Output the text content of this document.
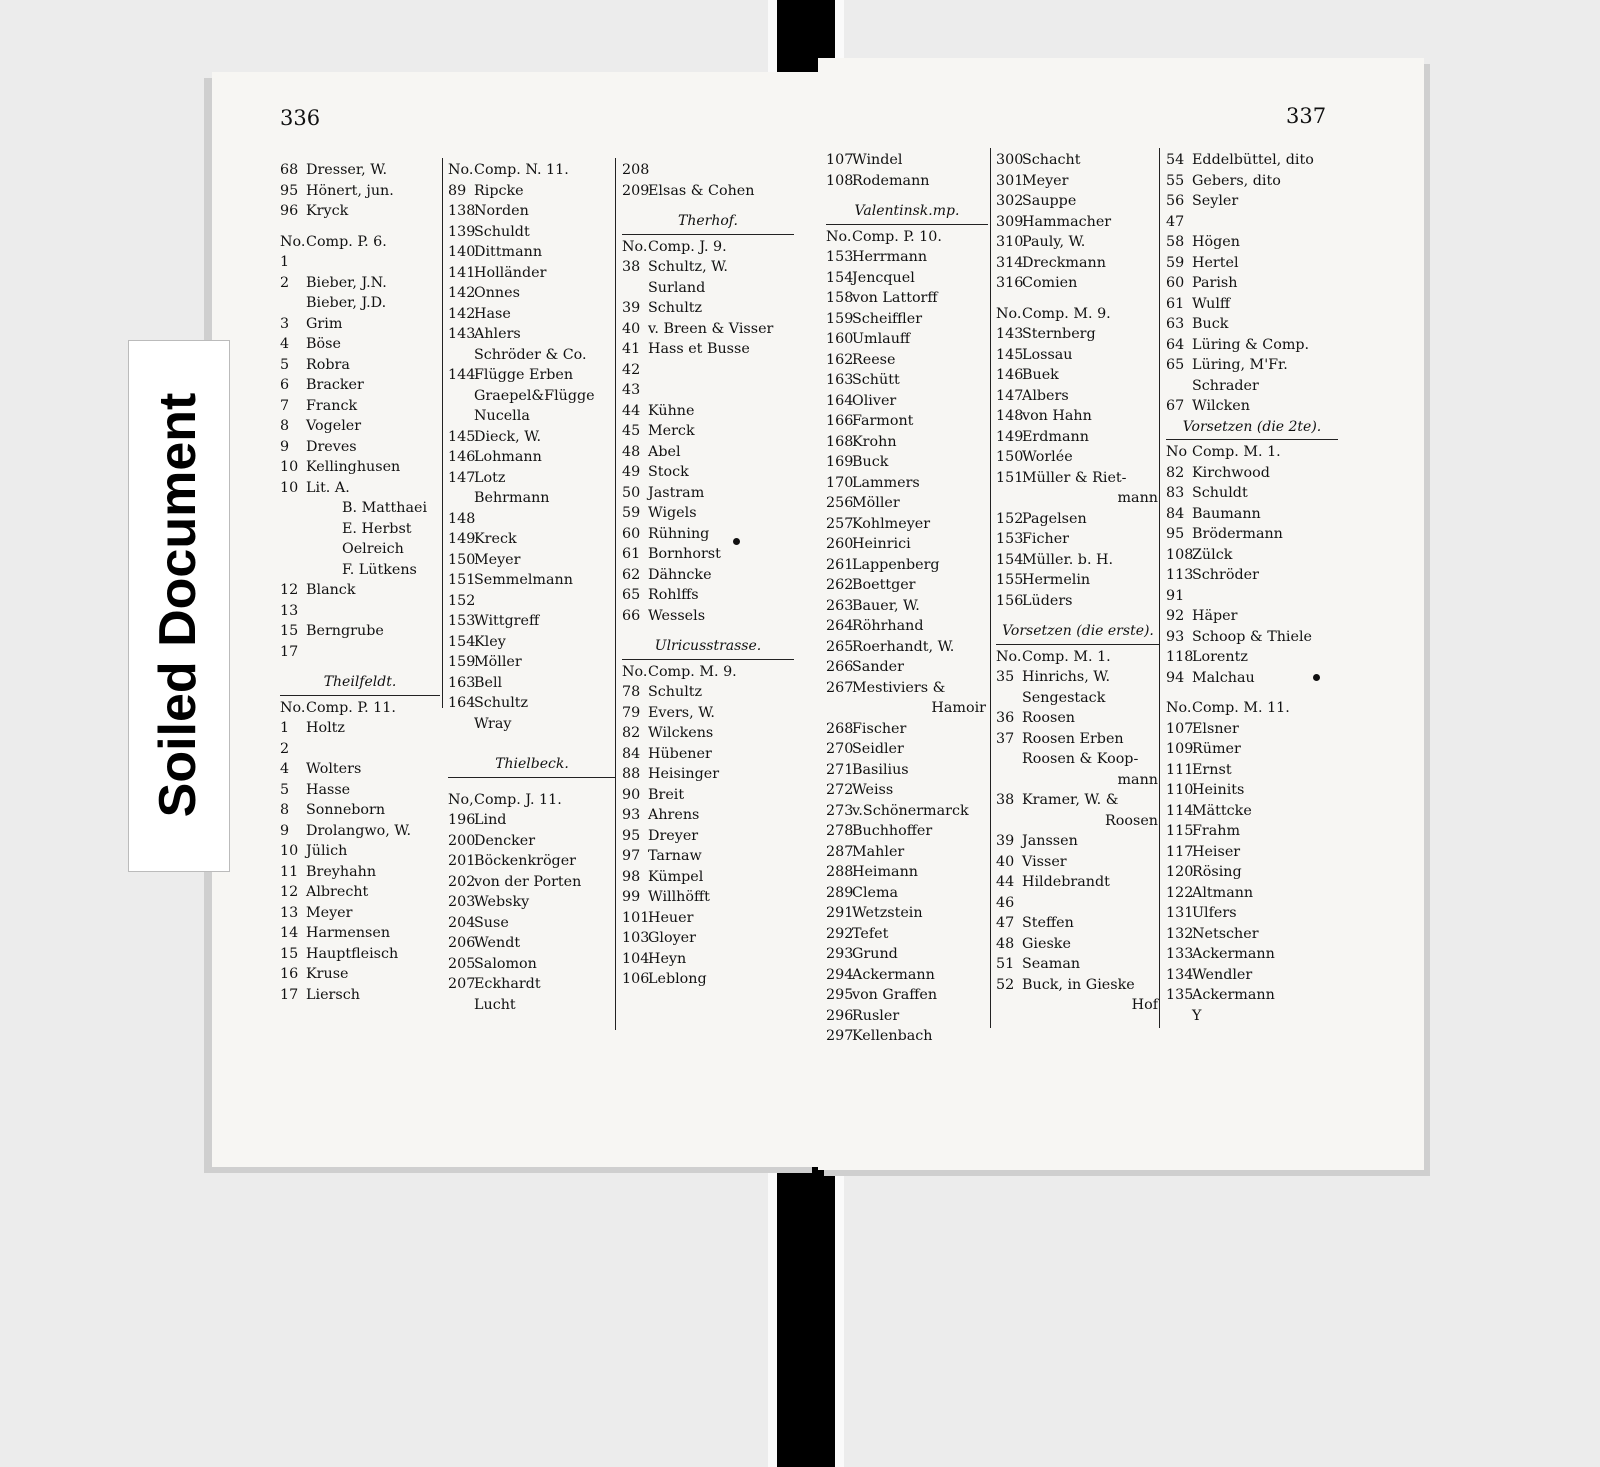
336
68 Dresser, W.
95 Hönert, jun.
96 Kryck
No.Comp. P. 6.
1
2 Bieber, J.N.
Bieber, J.D.
3 Grim
4 Böse
5 Robra
6 Bracker
7 Franck
8 Vogeler
9 Dreves
10 Kellinghusen
10 Lit. A.
B. Matthaei
E. Herbst
Oelreich
F. Lütkens
12 Blanck
13
15 Berngrube
17
Theilfeldt.
No.Comp. P. 11.
1 Holtz
2
4 Wolters
5 Hasse
8 Sonneborn
9 Drolangwo, W.
10 Jülich
11 Breyhahn
12 Albrecht
13 Meyer
14 Harmensen
15 Hauptfleisch
16 Kruse
17 Liersch
No.Comp. N. 11.
89 Ripcke
138Norden
139Schuldt
140Dittmann
141Holländer
142Onnes
142Hase
143Ahlers
Schröder & Co.
144Flügge Erben
Graepel&Flügge
Nucella
145Dieck, W.
146Lohmann
147Lotz
Behrmann
148
149Kreck
150Meyer
151Semmelmann
152
153Wittgreff
154Kley
159Möller
163Bell
164Schultz
Wray
Thielbeck.
No,Comp. J. 11.
196Lind
200Dencker
201Böckenkröger
202von der Porten
203Websky
204Suse
206Wendt
205Salomon
207Eckhardt
Lucht
208
209Elsas & Cohen
Therhof.
No.Comp. J. 9.
38 Schultz, W.
Surland
39 Schultz
40 v. Breen & Visser
41 Hass et Busse
42
43
44 Kühne
45 Merck
48 Abel
49 Stock
50 Jastram
59 Wigels
60 Rühning
61 Bornhorst
62 Dähncke
65 Rohlffs
66 Wessels
Ulricusstrasse.
No.Comp. M. 9.
78 Schultz
79 Evers, W.
82 Wilckens
84 Hübener
88 Heisinger
90 Breit
93 Ahrens
95 Dreyer
97 Tarnaw
98 Kümpel
99 Willhöfft
101Heuer
103Gloyer
104Heyn
106Leblong
337
107Windel
108Rodemann
Valentinsk.mp.
No.Comp. P. 10.
153Herrmann
154Jencquel
158von Lattorff
159Scheiffler
160Umlauff
162Reese
163Schütt
164Oliver
166Farmont
168Krohn
169Buck
170Lammers
256Möller
257Kohlmeyer
260Heinrici
261Lappenberg
262Boettger
263Bauer, W.
264Röhrhand
265Roerhandt, W.
266Sander
267Mestiviers &
Hamoir
268Fischer
270Seidler
271Basilius
272Weiss
273v.Schönermarck
278Buchhoffer
287Mahler
288Heimann
289Clema
291Wetzstein
292Tefet
293Grund
294Ackermann
295von Graffen
296Rusler
297Kellenbach
300Schacht
301Meyer
302Sauppe
309Hammacher
310Pauly, W.
314Dreckmann
316Comien
No.Comp. M. 9.
143Sternberg
145Lossau
146Buek
147Albers
148von Hahn
149Erdmann
150Worlée
151Müller & Riet-
mann
152Pagelsen
153Ficher
154Müller. b. H.
155Hermelin
156Lüders
Vorsetzen (die erste).
No.Comp. M. 1.
35 Hinrichs, W.
Sengestack
36 Roosen
37 Roosen Erben
Roosen & Koop-
mann
38 Kramer, W. &
Roosen
39 Janssen
40 Visser
44 Hildebrandt
46
47 Steffen
48 Gieske
51 Seaman
52 Buck, in Gieske
Hof
54 Eddelbüttel, dito
55 Gebers, dito
56 Seyler
47
58 Högen
59 Hertel
60 Parish
61 Wulff
63 Buck
64 Lüring & Comp.
65 Lüring, M'Fr.
Schrader
67 Wilcken
Vorsetzen (die 2te).
No Comp. M. 1.
82 Kirchwood
83 Schuldt
84 Baumann
95 Brödermann
108Zülck
113Schröder
91
92 Häper
93 Schoop & Thiele
118Lorentz
94 Malchau
No.Comp. M. 11.
107Elsner
109Rümer
111Ernst
110Heinits
114Mättcke
115Frahm
117Heiser
120Rösing
122Altmann
131Ulfers
132Netscher
133Ackermann
134Wendler
135Ackermann
Y
Soiled Document
